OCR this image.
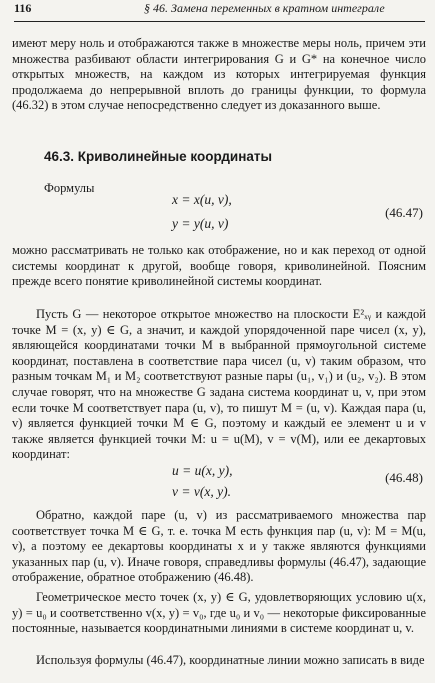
116	§ 46. Замена переменных в кратном интеграле

имеют меру ноль и отображаются также в множестве меры ноль, причем эти множества разбивают области интегрирования G и G* на конечное число открытых множеств, на каждом из которых интегрируемая функция продолжаема до непрерывной вплоть до границы функции, то формула (46.32) в этом случае непосредственно следует из доказанного выше.

46.3. Криволинейные координаты
Формулы
x = x(u, v),
y = y(u, v)
(46.47)

можно рассматривать не только как отображение, но и как переход от одной системы координат к другой, вообще говоря, криволинейной. Поясним прежде всего понятие криволинейной системы координат.

Пусть G — некоторое открытое множество на плоскости E²ₓᵧ и каждой точке M = (x, y) ∈ G, а значит, и каждой упорядоченной паре чисел (x, y), являющейся координатами точки M в выбранной прямоугольной системе координат, поставлена в соответствие пара чисел (u, v) таким образом, что разным точкам M₁ и M₂ соответствуют разные пары (u₁, v₁) и (u₂, v₂). В этом случае говорят, что на множестве G задана система координат u, v, при этом если точке M соответствует пара (u, v), то пишут M = (u, v). Каждая пара (u, v) является функцией точки M ∈ G, поэтому и каждый ее элемент u и v также является функцией точки M: u = u(M), v = v(M), или ее декартовых координат:

u = u(x, y),
v = v(x, y).
(46.48)

Обратно, каждой паре (u, v) из рассматриваемого множества пар соответствует точка M ∈ G, т. е. точка M есть функция пар (u, v): M = M(u, v), а поэтому ее декартовы координаты x и y также являются функциями указанных пар (u, v). Иначе говоря, справедливы формулы (46.47), задающие отображение, обратное отображению (46.48).

Геометрическое место точек (x, y) ∈ G, удовлетворяющих условию u(x, y) = u₀ и соответственно v(x, y) = v₀, где u₀ и v₀ — некоторые фиксированные постоянные, называется координатными линиями в системе координат u, v.

Используя формулы (46.47), координатные линии можно записать в виде
